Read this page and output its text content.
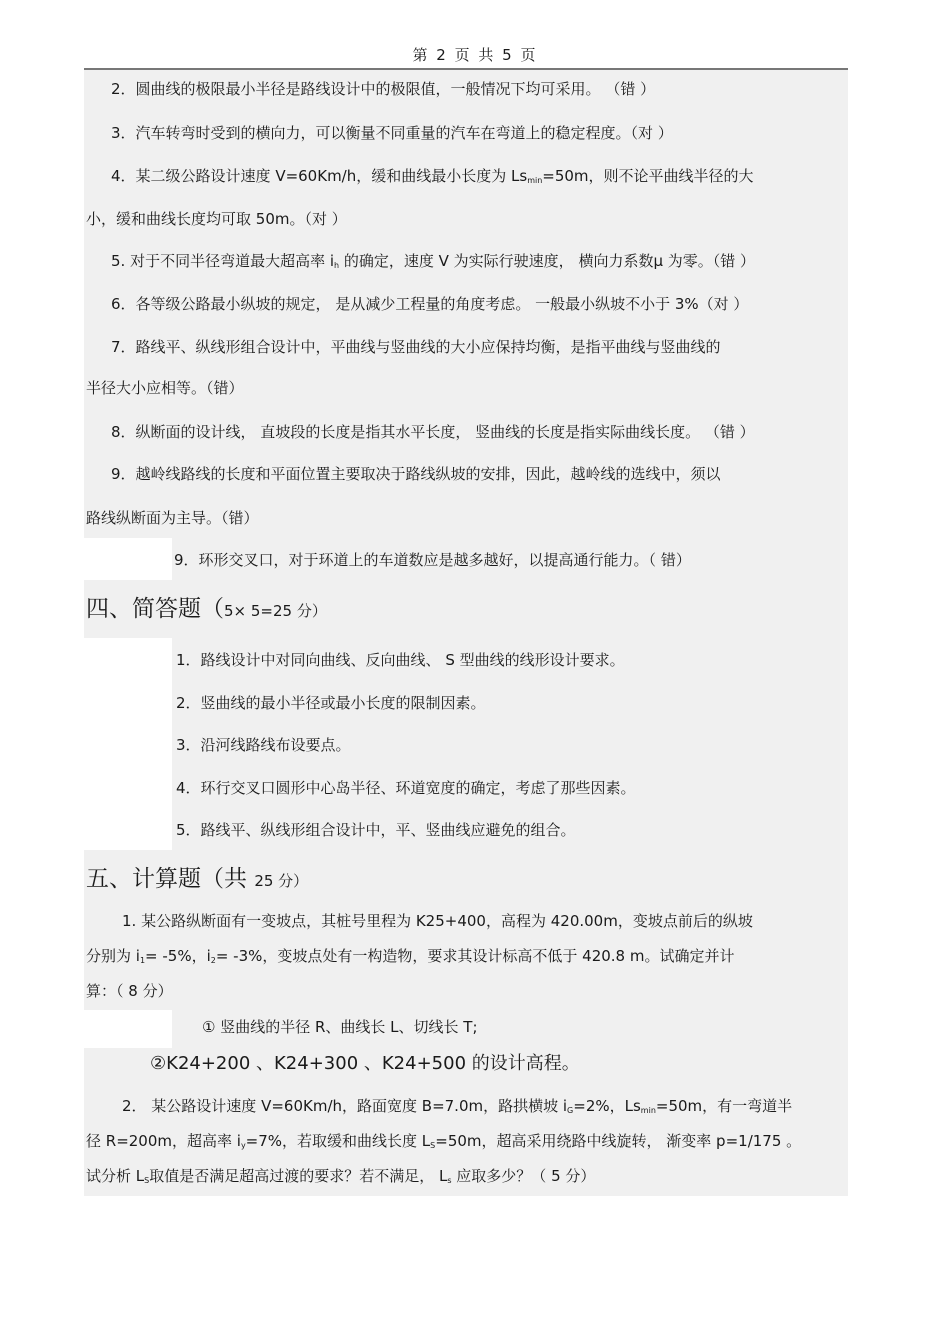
第 2 页 共 5 页
2．圆曲线的极限最小半径是路线设计中的极限值，一般情况下均可采用。 （错 ）
3．汽车转弯时受到的横向力，可以衡量不同重量的汽车在弯道上的稳定程度。（对 ）
4．某二级公路设计速度 V=60Km/h，缓和曲线最小长度为 $Ls_{min}=50m$，则不论平曲线半径的大
小，缓和曲线长度均可取 50m。（对 ）
5. 对于不同半径弯道最大超高率 $i_h$ 的确定，速度 V 为实际行驶速度， 横向力系数μ 为零。（错 ）
6．各等级公路最小纵坡的规定， 是从减少工程量的角度考虑。 一般最小纵坡不小于 3%（对 ）
7．路线平、纵线形组合设计中，平曲线与竖曲线的大小应保持均衡，是指平曲线与竖曲线的
半径大小应相等。（错）
8．纵断面的设计线， 直坡段的长度是指其水平长度， 竖曲线的长度是指实际曲线长度。 （错 ）
9．越岭线路线的长度和平面位置主要取决于路线纵坡的安排，因此，越岭线的选线中，须以
路线纵断面为主导。（错）
9．环形交叉口，对于环道上的车道数应是越多越好，以提高通行能力。（ 错）
四、简答题（5× 5=25 分）
1．路线设计中对同向曲线、反向曲线、 S 型曲线的线形设计要求。
2．竖曲线的最小半径或最小长度的限制因素。
3．沿河线路线布设要点。
4．环行交叉口圆形中心岛半径、环道宽度的确定，考虑了那些因素。
5．路线平、纵线形组合设计中，平、竖曲线应避免的组合。
五、计算题（共 25 分）
1. 某公路纵断面有一变坡点，其桩号里程为 K25+400，高程为 420.00m，变坡点前后的纵坡
分别为 $i_1= -5\%$，$i_2= -3\%$，变坡点处有一构造物，要求其设计标高不低于 420.8 m。试确定并计
算：（ 8 分）
① 竖曲线的半径 R、曲线长 L、切线长 T;
②K24+200 、K24+300 、K24+500 的设计高程。
2． 某公路设计速度 V=60Km/h，路面宽度 B=7.0m，路拱横坡 $i_G=2\%$，$Ls_{min}=50m$，有一弯道半
径 R=200m，超高率 $i_y=7\%$，若取缓和曲线长度 $L_S=50m$，超高采用绕路中线旋转， 渐变率 p=1/175 。
试分析 $L_S$取值是否满足超高过渡的要求？若不满足， $L_s$ 应取多少？（ 5 分）
